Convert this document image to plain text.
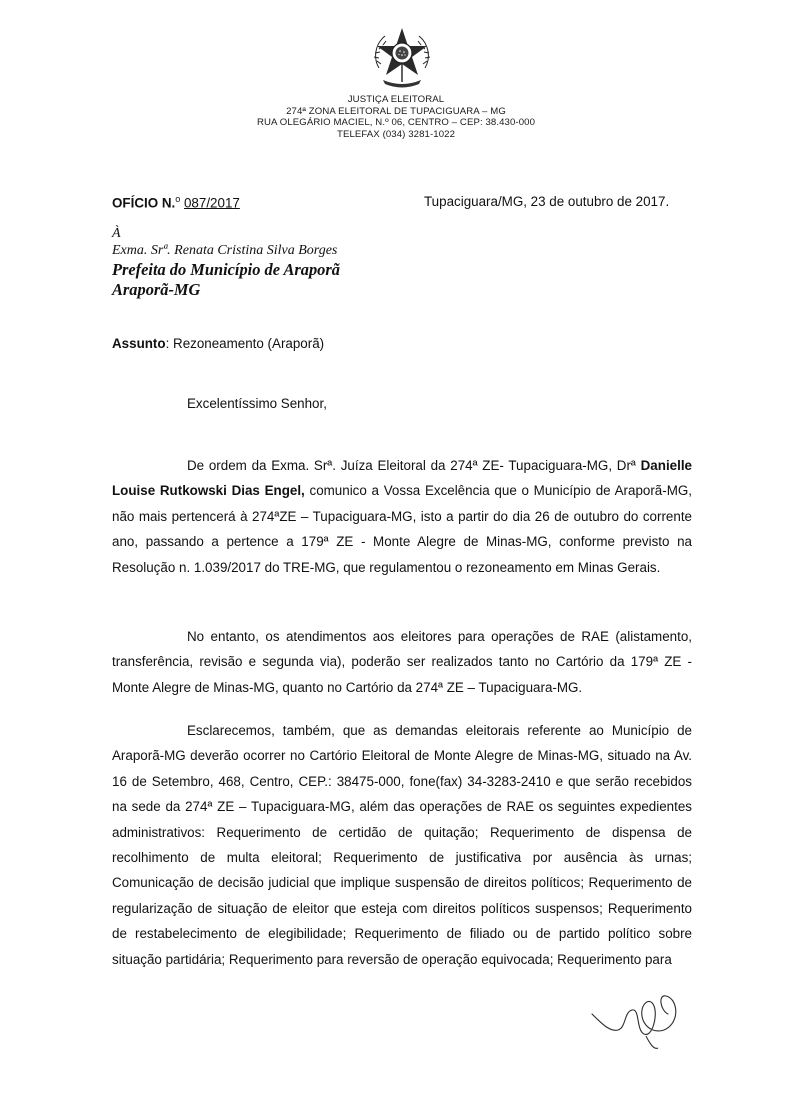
JUSTIÇA ELEITORAL
274ª ZONA ELEITORAL DE TUPACIGUARA – MG
RUA OLEGÁRIO MACIEL, N.º 06, CENTRO – CEP: 38.430-000
TELEFAX (034) 3281-1022
OFÍCIO N.$^o$ 087/2017	Tupaciguara/MG, 23 de outubro de 2017.
À
Exma. Srª. Renata Cristina Silva Borges
Prefeita do Município de Araporã
Araporã-MG
Assunto: Rezoneamento (Araporã)
Excelentíssimo Senhor,
De ordem da Exma. Srª. Juíza Eleitoral da 274ª ZE- Tupaciguara-MG, Drª Danielle Louise Rutkowski Dias Engel, comunico a Vossa Excelência que o Município de Araporã-MG, não mais pertencerá à 274ªZE – Tupaciguara-MG, isto a partir do dia 26 de outubro do corrente ano, passando a pertence a 179ª ZE - Monte Alegre de Minas-MG, conforme previsto na Resolução n. 1.039/2017 do TRE-MG, que regulamentou o rezoneamento em Minas Gerais.
No entanto, os atendimentos aos eleitores para operações de RAE (alistamento, transferência, revisão e segunda via), poderão ser realizados tanto no Cartório da 179ª ZE - Monte Alegre de Minas-MG, quanto no Cartório da 274ª ZE – Tupaciguara-MG.
Esclarecemos, também, que as demandas eleitorais referente ao Município de Araporã-MG deverão ocorrer no Cartório Eleitoral de Monte Alegre de Minas-MG, situado na Av. 16 de Setembro, 468, Centro, CEP.: 38475-000, fone(fax) 34-3283-2410 e que serão recebidos na sede da 274ª ZE – Tupaciguara-MG, além das operações de RAE os seguintes expedientes administrativos: Requerimento de certidão de quitação; Requerimento de dispensa de recolhimento de multa eleitoral; Requerimento de justificativa por ausência às urnas; Comunicação de decisão judicial que implique suspensão de direitos políticos; Requerimento de regularização de situação de eleitor que esteja com direitos políticos suspensos; Requerimento de restabelecimento de elegibilidade; Requerimento de filiado ou de partido político sobre situação partidária; Requerimento para reversão de operação equivocada; Requerimento para
